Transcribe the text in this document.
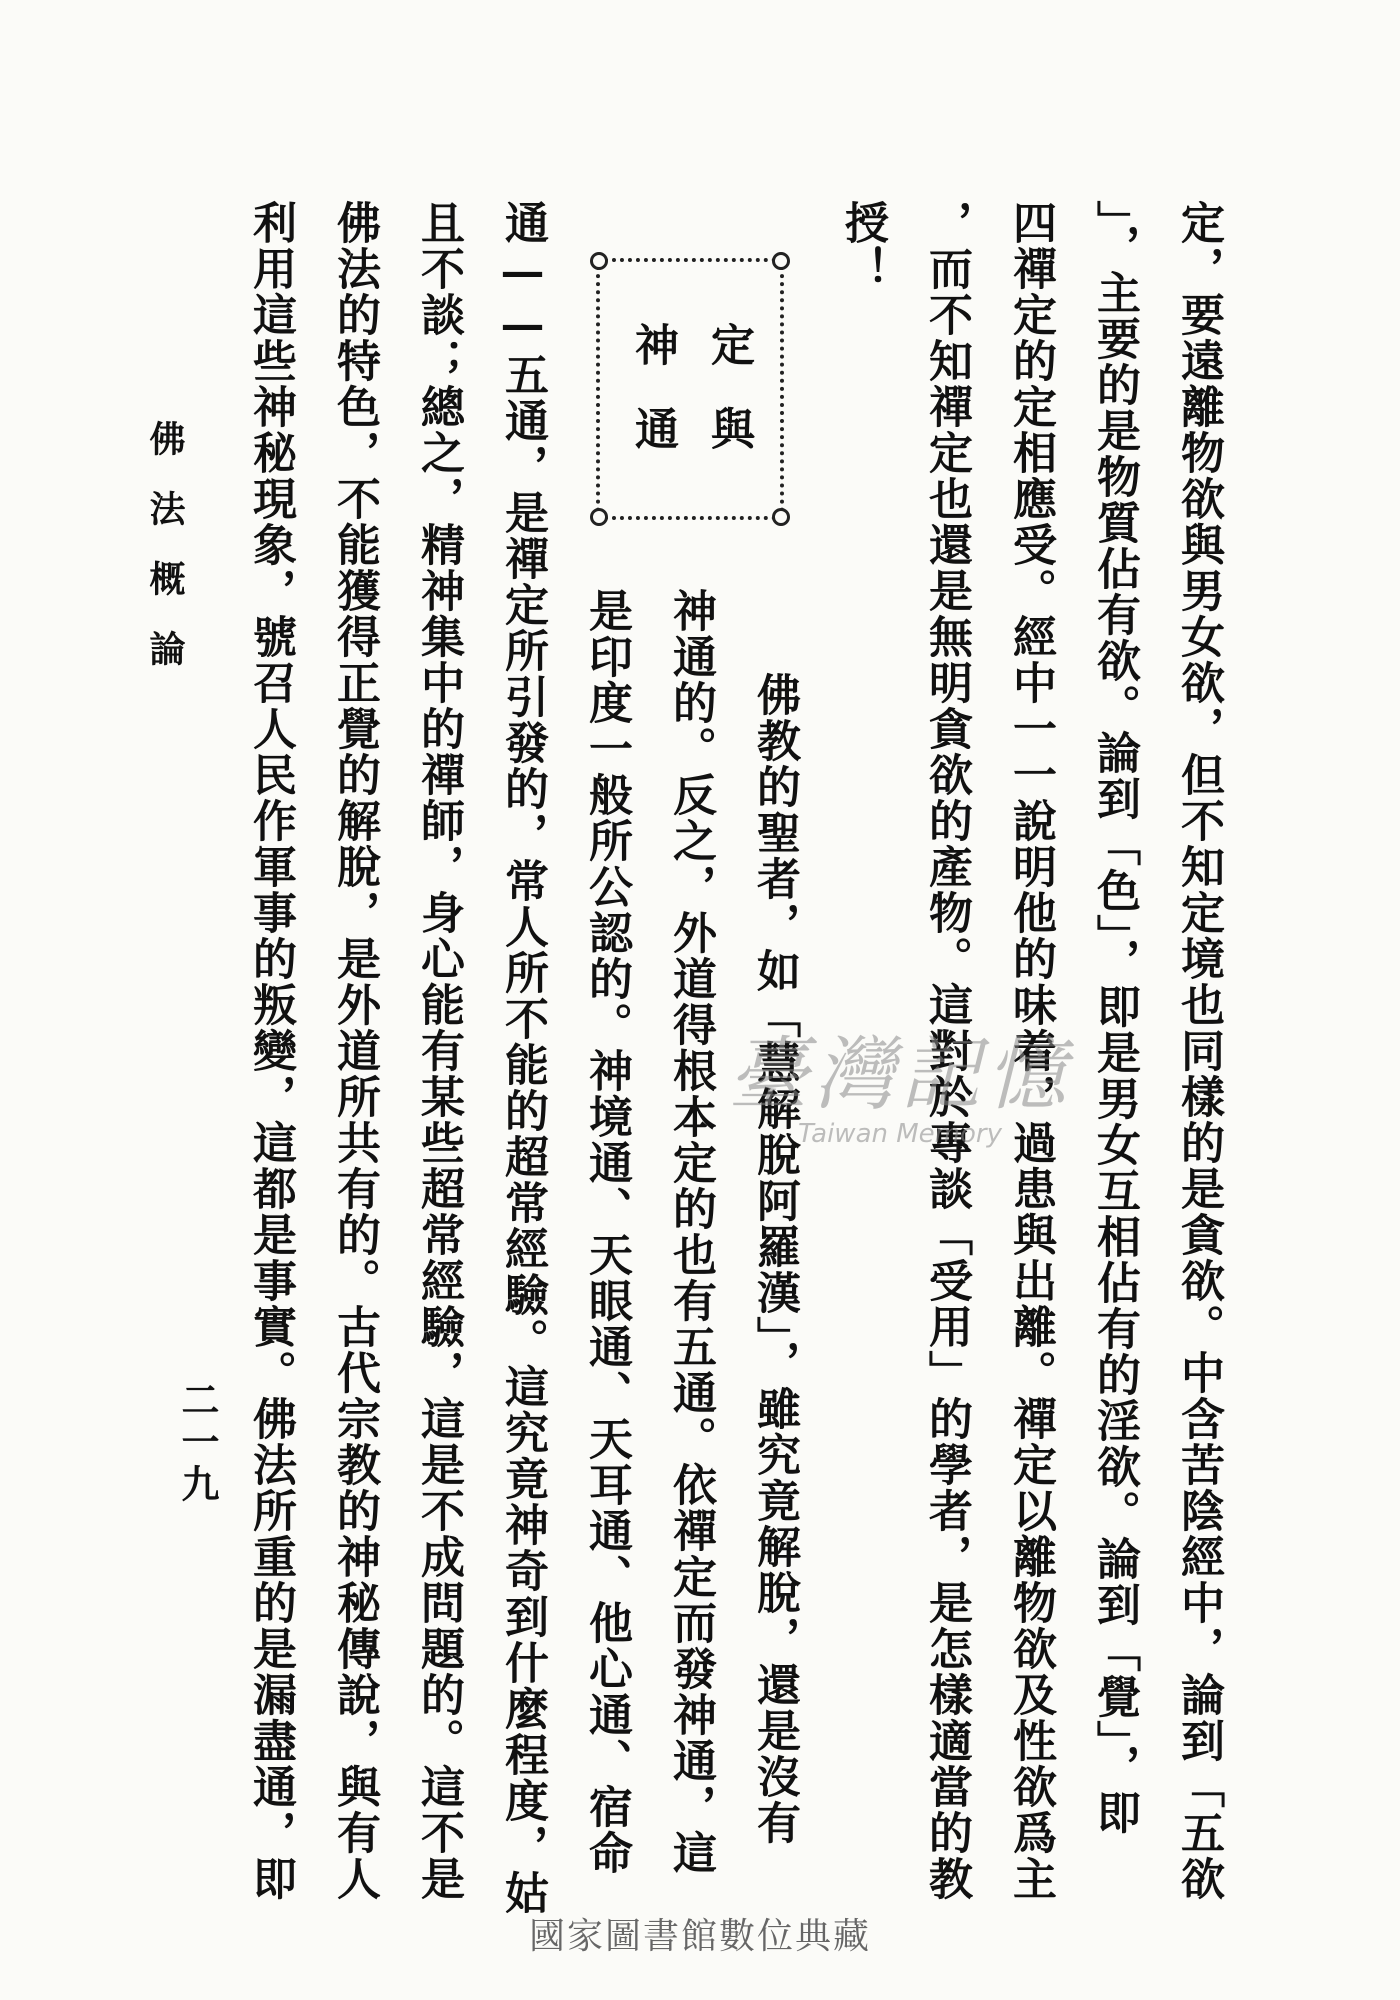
定，要遠離物欲與男女欲，但不知定境也同樣的是貪欲。中含苦陰經中，論到「五欲
」，主要的是物質佔有欲。論到「色」，即是男女互相佔有的淫欲。論到「覺」，即
四禪定的定相應受。經中一一說明他的味着，過患與出離。禪定以離物欲及性欲爲主
，而不知禪定也還是無明貪欲的產物。這對於專談「受用」的學者，是怎樣適當的教
授！
定與
神通
佛教的聖者，如「慧解脫阿羅漢」，雖究竟解脫，還是沒有
神通的。反之，外道得根本定的也有五通。依禪定而發神通，這
是印度一般所公認的。神境通、天眼通、天耳通、他心通、宿命
通——五通，是禪定所引發的，常人所不能的超常經驗。這究竟神奇到什麼程度，姑
且不談；總之，精神集中的禪師，身心能有某些超常經驗，這是不成問題的。這不是
佛法的特色，不能獲得正覺的解脫，是外道所共有的。古代宗教的神秘傳說，與有人
利用這些神秘現象，號召人民作軍事的叛變，這都是事實。佛法所重的是漏盡通，即
佛法概論
二一九
臺灣記憶
Taiwan Memory
國家圖書館數位典藏
